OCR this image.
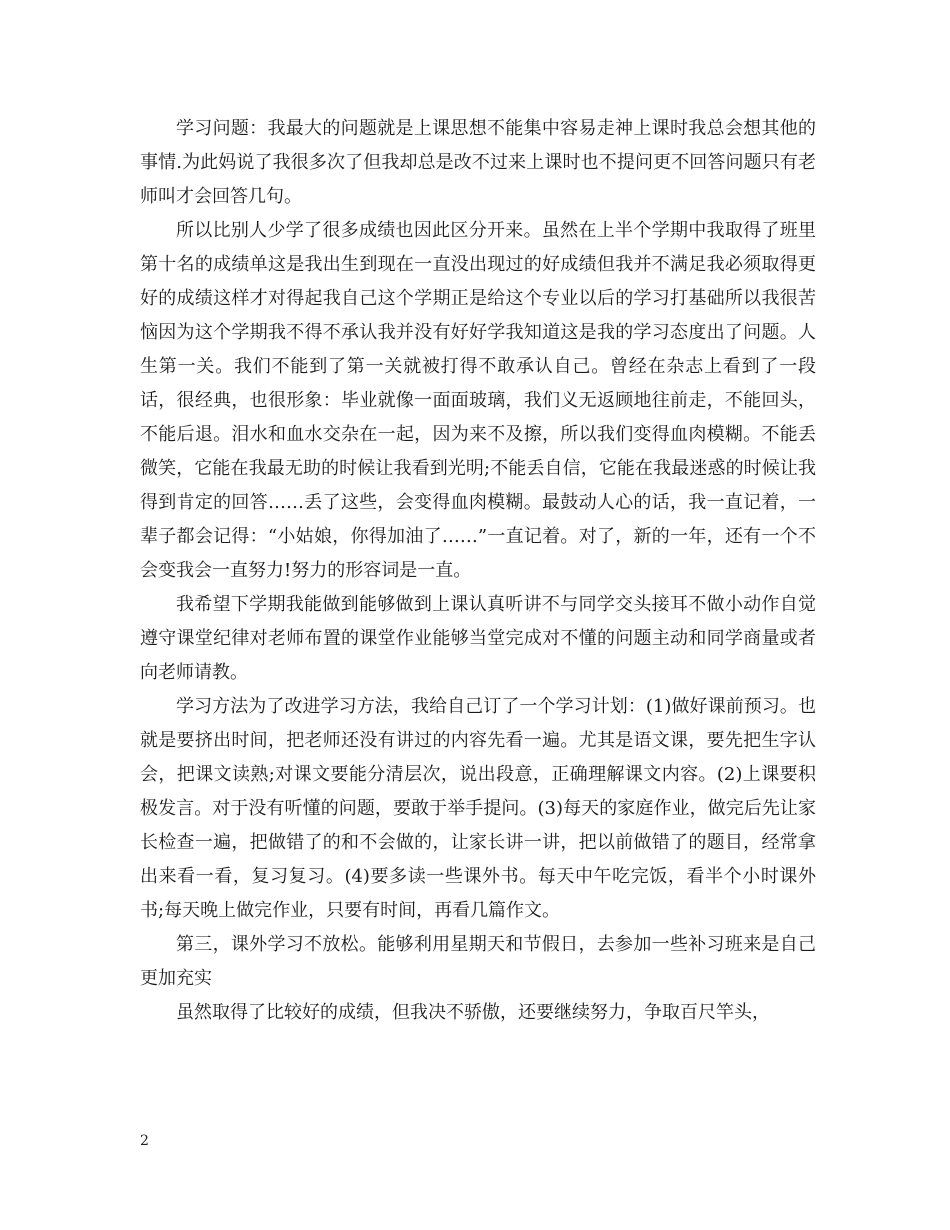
学习问题：我最大的问题就是上课思想不能集中容易走神上课时我总会想其他的事情.为此妈说了我很多次了但我却总是改不过来上课时也不提问更不回答问题只有老师叫才会回答几句。

所以比别人少学了很多成绩也因此区分开来。虽然在上半个学期中我取得了班里第十名的成绩单这是我出生到现在一直没出现过的好成绩但我并不满足我必须取得更好的成绩这样才对得起我自己这个学期正是给这个专业以后的学习打基础所以我很苦恼因为这个学期我不得不承认我并没有好好学我知道这是我的学习态度出了问题。人生第一关。我们不能到了第一关就被打得不敢承认自己。曾经在杂志上看到了一段话，很经典，也很形象：毕业就像一面面玻璃，我们义无返顾地往前走，不能回头，不能后退。泪水和血水交杂在一起，因为来不及擦，所以我们变得血肉模糊。不能丢微笑，它能在我最无助的时候让我看到光明;不能丢自信，它能在我最迷惑的时候让我得到肯定的回答……丢了这些，会变得血肉模糊。最鼓动人心的话，我一直记着，一辈子都会记得：“小姑娘，你得加油了……”一直记着。对了，新的一年，还有一个不会变我会一直努力!努力的形容词是一直。

我希望下学期我能做到能够做到上课认真听讲不与同学交头接耳不做小动作自觉遵守课堂纪律对老师布置的课堂作业能够当堂完成对不懂的问题主动和同学商量或者向老师请教。

学习方法为了改进学习方法，我给自己订了一个学习计划：(1)做好课前预习。也就是要挤出时间，把老师还没有讲过的内容先看一遍。尤其是语文课，要先把生字认会，把课文读熟;对课文要能分清层次，说出段意，正确理解课文内容。(2)上课要积极发言。对于没有听懂的问题，要敢于举手提问。(3)每天的家庭作业，做完后先让家长检查一遍，把做错了的和不会做的，让家长讲一讲，把以前做错了的题目，经常拿出来看一看，复习复习。(4)要多读一些课外书。每天中午吃完饭，看半个小时课外书;每天晚上做完作业，只要有时间，再看几篇作文。

第三，课外学习不放松。能够利用星期天和节假日，去参加一些补习班来是自己更加充实

虽然取得了比较好的成绩，但我决不骄傲，还要继续努力，争取百尺竿头，

2
